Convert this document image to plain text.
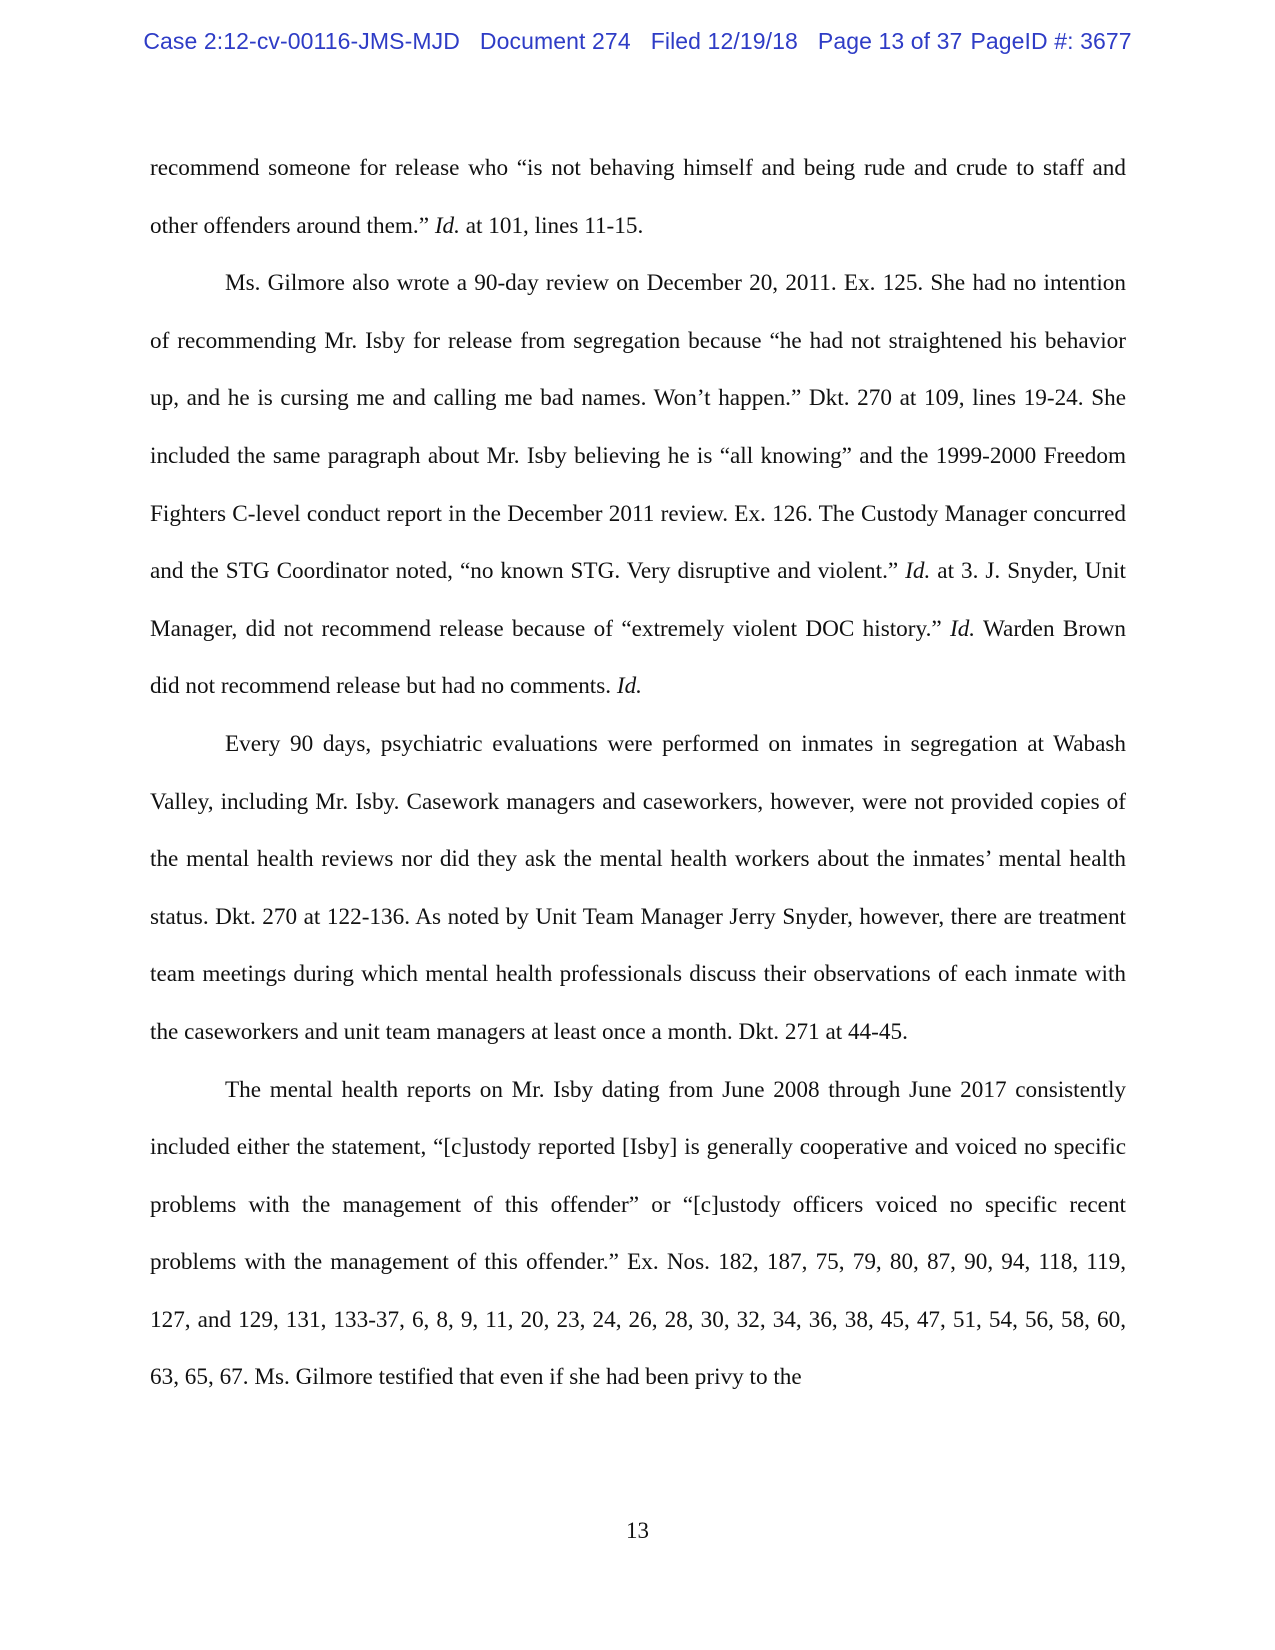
Case 2:12-cv-00116-JMS-MJD Document 274 Filed 12/19/18 Page 13 of 37 PageID #: 3677

recommend someone for release who “is not behaving himself and being rude and crude to staff and other offenders around them.” Id. at 101, lines 11-15.

Ms. Gilmore also wrote a 90-day review on December 20, 2011. Ex. 125. She had no intention of recommending Mr. Isby for release from segregation because “he had not straightened his behavior up, and he is cursing me and calling me bad names. Won’t happen.” Dkt. 270 at 109, lines 19-24. She included the same paragraph about Mr. Isby believing he is “all knowing” and the 1999-2000 Freedom Fighters C-level conduct report in the December 2011 review. Ex. 126. The Custody Manager concurred and the STG Coordinator noted, “no known STG. Very disruptive and violent.” Id. at 3. J. Snyder, Unit Manager, did not recommend release because of “extremely violent DOC history.” Id. Warden Brown did not recommend release but had no comments. Id.

Every 90 days, psychiatric evaluations were performed on inmates in segregation at Wabash Valley, including Mr. Isby. Casework managers and caseworkers, however, were not provided copies of the mental health reviews nor did they ask the mental health workers about the inmates’ mental health status. Dkt. 270 at 122-136. As noted by Unit Team Manager Jerry Snyder, however, there are treatment team meetings during which mental health professionals discuss their observations of each inmate with the caseworkers and unit team managers at least once a month. Dkt. 271 at 44-45.

The mental health reports on Mr. Isby dating from June 2008 through June 2017 consistently included either the statement, “[c]ustody reported [Isby] is generally cooperative and voiced no specific problems with the management of this offender” or “[c]ustody officers voiced no specific recent problems with the management of this offender.” Ex. Nos. 182, 187, 75, 79, 80, 87, 90, 94, 118, 119, 127, and 129, 131, 133-37, 6, 8, 9, 11, 20, 23, 24, 26, 28, 30, 32, 34, 36, 38, 45, 47, 51, 54, 56, 58, 60, 63, 65, 67. Ms. Gilmore testified that even if she had been privy to the

13
